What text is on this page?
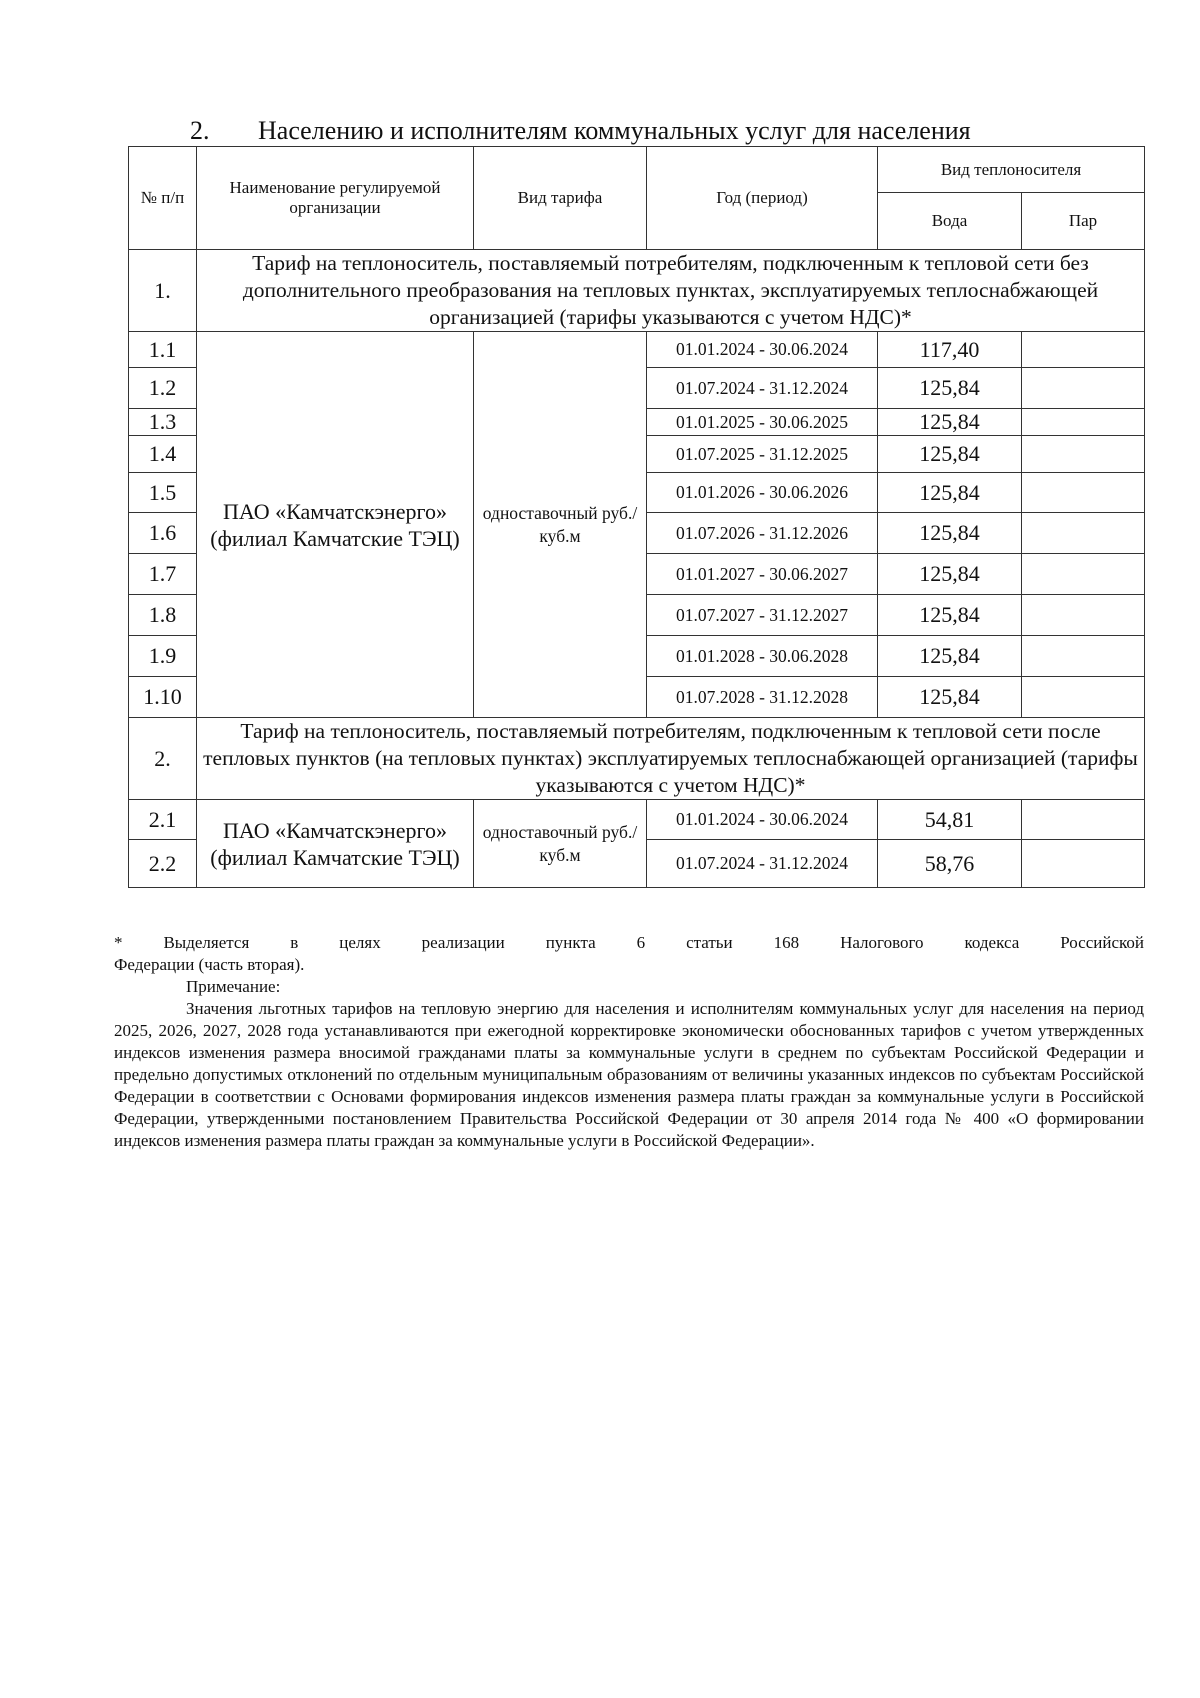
2. Населению и исполнителям коммунальных услуг для населения
№ п/п	Наименование регулируемой организации	Вид тарифа	Год (период)	Вид теплоносителя	
				Вода	Пар
1.	Тариф на теплоноситель, поставляемый потребителям, подключенным к тепловой сети без дополнительного преобразования на тепловых пунктах, эксплуатируемых теплоснабжающей организацией (тарифы указываются с учетом НДС)*				
1.1	ПАО «Камчатскэнерго» (филиал Камчатские ТЭЦ)	одноставочный руб./куб.м	01.01.2024 - 30.06.2024	117,40	
1.2			01.07.2024 - 31.12.2024	125,84	
1.3			01.01.2025 - 30.06.2025	125,84	
1.4			01.07.2025 - 31.12.2025	125,84	
1.5			01.01.2026 - 30.06.2026	125,84	
1.6			01.07.2026 - 31.12.2026	125,84	
1.7			01.01.2027 - 30.06.2027	125,84	
1.8			01.07.2027 - 31.12.2027	125,84	
1.9			01.01.2028 - 30.06.2028	125,84	
1.10			01.07.2028 - 31.12.2028	125,84	
2.	Тариф на теплоноситель, поставляемый потребителям, подключенным к тепловой сети после тепловых пунктов (на тепловых пунктах) эксплуатируемых теплоснабжающей организацией (тарифы указываются с учетом НДС)*				
2.1	ПАО «Камчатскэнерго» (филиал Камчатские ТЭЦ)	одноставочный руб./куб.м	01.01.2024 - 30.06.2024	54,81	
2.2			01.07.2024 - 31.12.2024	58,76	

* Выделяется в целях реализации пункта 6 статьи 168 Налогового кодекса Российской

Федерации (часть вторая).

Примечание:

Значения льготных тарифов на тепловую энергию для населения и исполнителям коммунальных услуг для населения на период 2025, 2026, 2027, 2028 года устанавливаются при ежегодной корректировке экономически обоснованных тарифов с учетом утвержденных индексов изменения размера вносимой гражданами платы за коммунальные услуги в среднем по субъектам Российской Федерации и предельно допустимых отклонений по отдельным муниципальным образованиям от величины указанных индексов по субъектам Российской Федерации в соответствии с Основами формирования индексов изменения размера платы граждан за коммунальные услуги в Российской Федерации, утвержденными постановлением Правительства Российской Федерации от 30 апреля 2014 года № 400 «О формировании индексов изменения размера платы граждан за коммунальные услуги в Российской Федерации».
